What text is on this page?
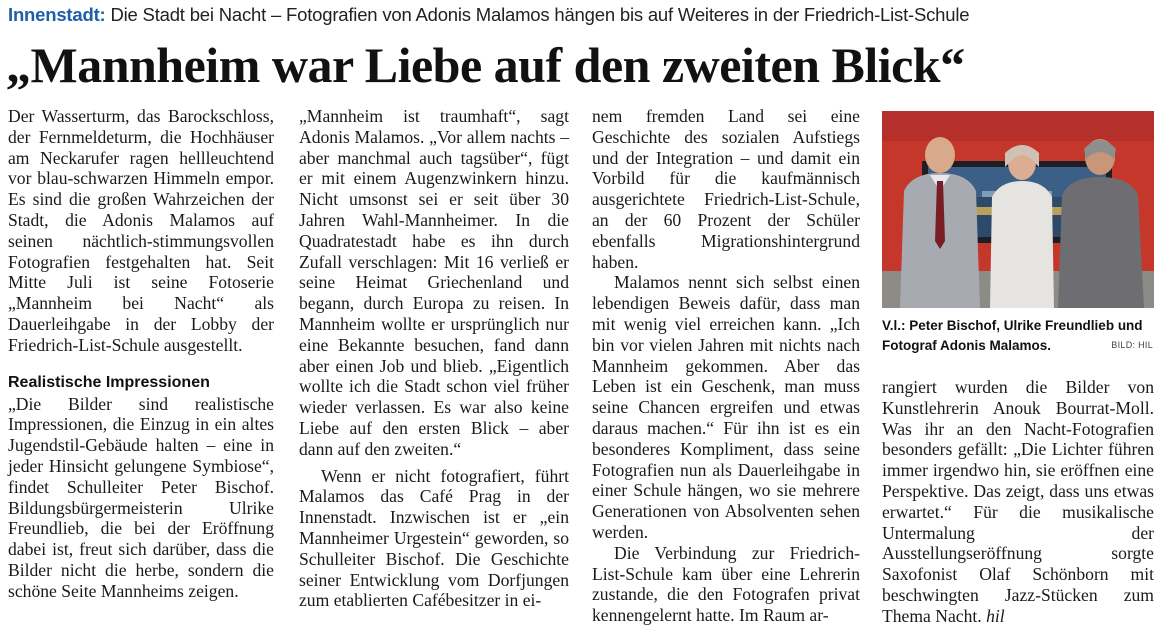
Innenstadt: Die Stadt bei Nacht – Fotografien von Adonis Malamos hängen bis auf Weiteres in der Friedrich-List-Schule
„Mannheim war Liebe auf den zweiten Blick“

Der Wasserturm, das Barockschloss, der Fernmeldeturm, die Hochhäuser am Neckarufer ragen hellleuchtend vor blau-schwarzen Himmeln empor. Es sind die großen Wahrzeichen der Stadt, die Adonis Malamos auf seinen nächtlich-stimmungsvollen Fotografien festgehalten hat. Seit Mitte Juli ist seine Fotoserie „Mannheim bei Nacht“ als Dauerleihgabe in der Lobby der Friedrich-List-Schule ausgestellt.

Realistische Impressionen

„Die Bilder sind realistische Impressionen, die Einzug in ein altes Jugendstil-Gebäude halten – eine in jeder Hinsicht gelungene Symbiose“, findet Schulleiter Peter Bischof. Bildungsbürgermeisterin Ulrike Freundlieb, die bei der Eröffnung dabei ist, freut sich darüber, dass die Bilder nicht die herbe, sondern die schöne Seite Mannheims zeigen.

„Mannheim ist traumhaft“, sagt Adonis Malamos. „Vor allem nachts – aber manchmal auch tagsüber“, fügt er mit einem Augenzwinkern hinzu. Nicht umsonst sei er seit über 30 Jahren Wahl-Mannheimer. In die Quadratestadt habe es ihn durch Zufall verschlagen: Mit 16 verließ er seine Heimat Griechenland und begann, durch Europa zu reisen. In Mannheim wollte er ursprünglich nur eine Bekannte besuchen, fand dann aber einen Job und blieb. „Eigentlich wollte ich die Stadt schon viel früher wieder verlassen. Es war also keine Liebe auf den ersten Blick – aber dann auf den zweiten.“

Wenn er nicht fotografiert, führt Malamos das Café Prag in der Innenstadt. Inzwischen ist er „ein Mannheimer Urgestein“ geworden, so Schulleiter Bischof. Die Geschichte seiner Entwicklung vom Dorfjungen zum etablierten Cafébesitzer in ei-

nem fremden Land sei eine Geschichte des sozialen Aufstiegs und der Integration – und damit ein Vorbild für die kaufmännisch ausgerichtete Friedrich-List-Schule, an der 60 Prozent der Schüler ebenfalls Migrationshintergrund haben.

Malamos nennt sich selbst einen lebendigen Beweis dafür, dass man mit wenig viel erreichen kann. „Ich bin vor vielen Jahren mit nichts nach Mannheim gekommen. Aber das Leben ist ein Geschenk, man muss seine Chancen ergreifen und etwas daraus machen.“ Für ihn ist es ein besonderes Kompliment, dass seine Fotografien nun als Dauerleihgabe in einer Schule hängen, wo sie mehrere Generationen von Absolventen sehen werden.

Die Verbindung zur Friedrich-List-Schule kam über eine Lehrerin zustande, die den Fotografen privat kennengelernt hatte. Im Raum ar-

V.l.: Peter Bischof, Ulrike Freundlieb und Fotograf Adonis Malamos.	BILD: HIL

rangiert wurden die Bilder von Kunstlehrerin Anouk Bourrat-Moll. Was ihr an den Nacht-Fotografien besonders gefällt: „Die Lichter führen immer irgendwo hin, sie eröffnen eine Perspektive. Das zeigt, dass uns etwas erwartet.“ Für die musikalische Untermalung der Ausstellungseröffnung sorgte Saxofonist Olaf Schönborn mit beschwingten Jazz-Stücken zum Thema Nacht. hil
